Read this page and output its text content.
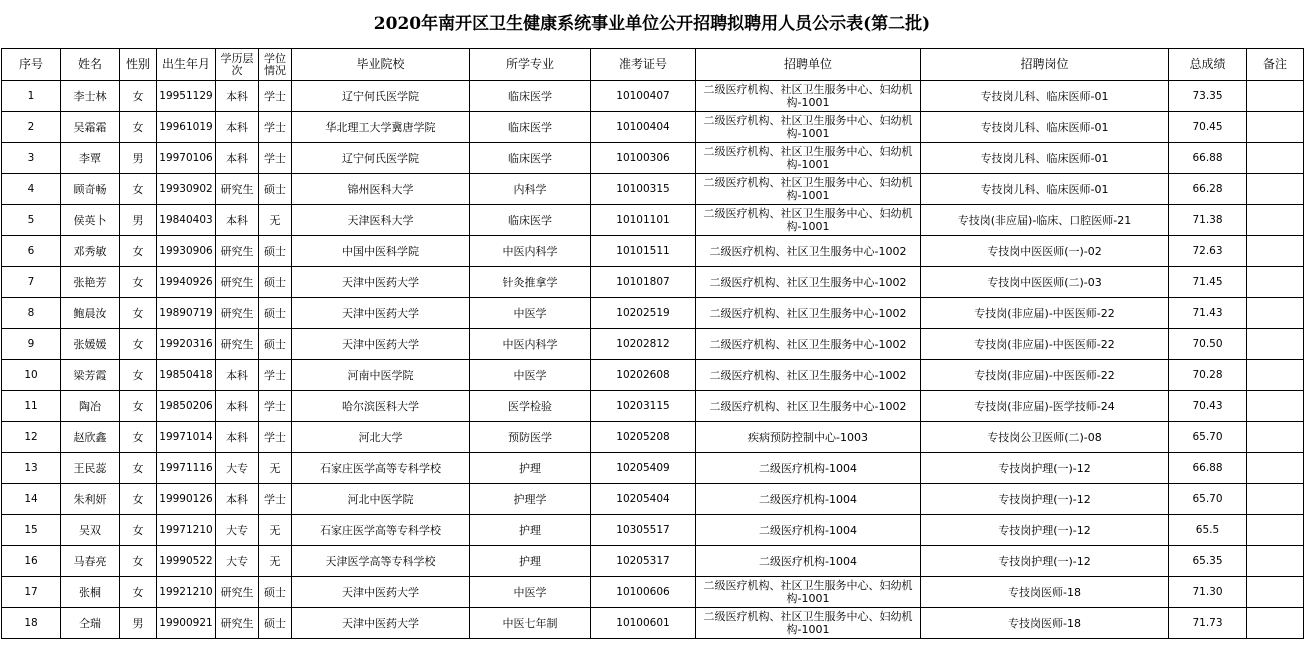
2020年南开区卫生健康系统事业单位公开招聘拟聘用人员公示表(第二批)
序号	姓名	性别	出生年月	学历层次	学位情况	毕业院校	所学专业	准考证号	招聘单位	招聘岗位	总成绩	备注
1	李士林	女	19951129	本科	学士	辽宁何氏医学院	临床医学	10100407	二级医疗机构、社区卫生服务中心、妇幼机构-1001	专技岗儿科、临床医师-01	73.35	
2	吴霜霜	女	19961019	本科	学士	华北理工大学冀唐学院	临床医学	10100404	二级医疗机构、社区卫生服务中心、妇幼机构-1001	专技岗儿科、临床医师-01	70.45	
3	李覃	男	19970106	本科	学士	辽宁何氏医学院	临床医学	10100306	二级医疗机构、社区卫生服务中心、妇幼机构-1001	专技岗儿科、临床医师-01	66.88	
4	顾奇畅	女	19930902	研究生	硕士	锦州医科大学	内科学	10100315	二级医疗机构、社区卫生服务中心、妇幼机构-1001	专技岗儿科、临床医师-01	66.28	
5	侯英卜	男	19840403	本科	无	天津医科大学	临床医学	10101101	二级医疗机构、社区卫生服务中心、妇幼机构-1001	专技岗(非应届)-临床、口腔医师-21	71.38	
6	邓秀敏	女	19930906	研究生	硕士	中国中医科学院	中医内科学	10101511	二级医疗机构、社区卫生服务中心-1002	专技岗中医医师(一)-02	72.63	
7	张艳芳	女	19940926	研究生	硕士	天津中医药大学	针灸推拿学	10101807	二级医疗机构、社区卫生服务中心-1002	专技岗中医医师(二)-03	71.45	
8	鲍晨汝	女	19890719	研究生	硕士	天津中医药大学	中医学	10202519	二级医疗机构、社区卫生服务中心-1002	专技岗(非应届)-中医医师-22	71.43	
9	张媛媛	女	19920316	研究生	硕士	天津中医药大学	中医内科学	10202812	二级医疗机构、社区卫生服务中心-1002	专技岗(非应届)-中医医师-22	70.50	
10	梁芳霞	女	19850418	本科	学士	河南中医学院	中医学	10202608	二级医疗机构、社区卫生服务中心-1002	专技岗(非应届)-中医医师-22	70.28	
11	陶冶	女	19850206	本科	学士	哈尔滨医科大学	医学检验	10203115	二级医疗机构、社区卫生服务中心-1002	专技岗(非应届)-医学技师-24	70.43	
12	赵欣鑫	女	19971014	本科	学士	河北大学	预防医学	10205208	疾病预防控制中心-1003	专技岗公卫医师(二)-08	65.70	
13	王民蕊	女	19971116	大专	无	石家庄医学高等专科学校	护理	10205409	二级医疗机构-1004	专技岗护理(一)-12	66.88	
14	朱利妍	女	19990126	本科	学士	河北中医学院	护理学	10205404	二级医疗机构-1004	专技岗护理(一)-12	65.70	
15	吴双	女	19971210	大专	无	石家庄医学高等专科学校	护理	10305517	二级医疗机构-1004	专技岗护理(一)-12	65.5	
16	马春亮	女	19990522	大专	无	天津医学高等专科学校	护理	10205317	二级医疗机构-1004	专技岗护理(一)-12	65.35	
17	张桐	女	19921210	研究生	硕士	天津中医药大学	中医学	10100606	二级医疗机构、社区卫生服务中心、妇幼机构-1001	专技岗医师-18	71.30	
18	仝瑞	男	19900921	研究生	硕士	天津中医药大学	中医七年制	10100601	二级医疗机构、社区卫生服务中心、妇幼机构-1001	专技岗医师-18	71.73	
